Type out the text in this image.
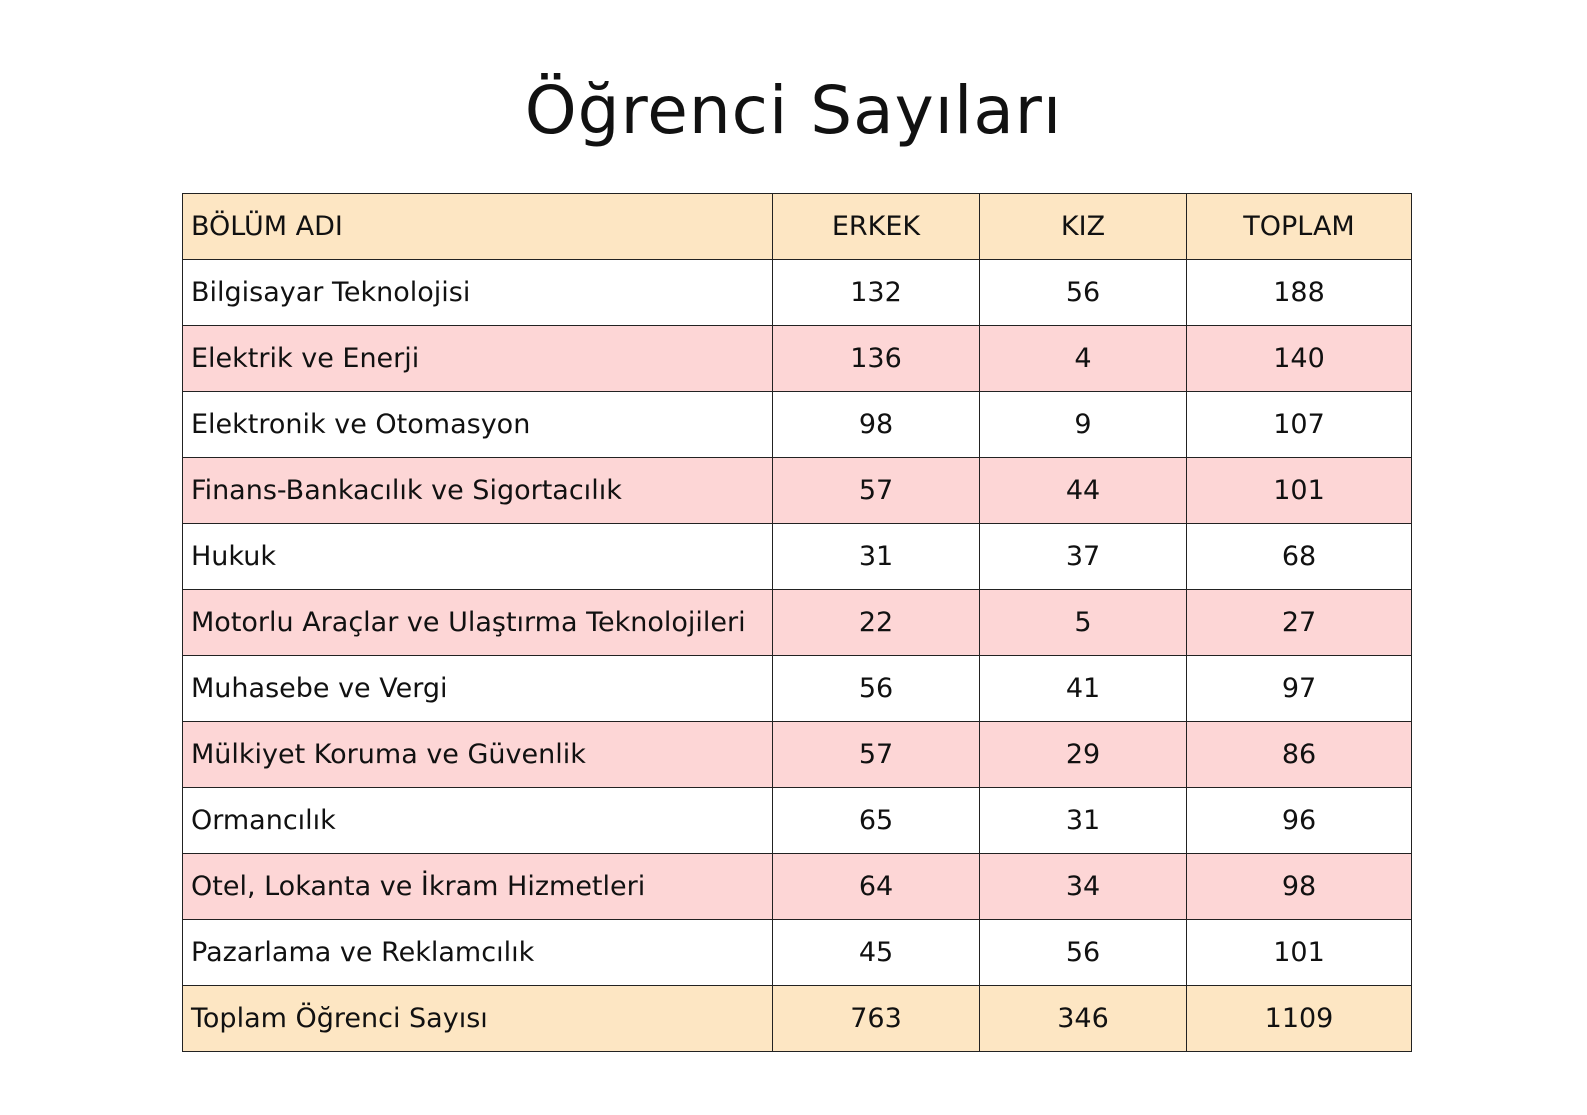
Öğrenci Sayıları
BÖLÜM ADI	ERKEK	KIZ	TOPLAM
Bilgisayar Teknolojisi	132	56	188
Elektrik ve Enerji	136	4	140
Elektronik ve Otomasyon	98	9	107
Finans-Bankacılık ve Sigortacılık	57	44	101
Hukuk	31	37	68
Motorlu Araçlar ve Ulaştırma Teknolojileri	22	5	27
Muhasebe ve Vergi	56	41	97
Mülkiyet Koruma ve Güvenlik	57	29	86
Ormancılık	65	31	96
Otel, Lokanta ve İkram Hizmetleri	64	34	98
Pazarlama ve Reklamcılık	45	56	101
Toplam Öğrenci Sayısı	763	346	1109
